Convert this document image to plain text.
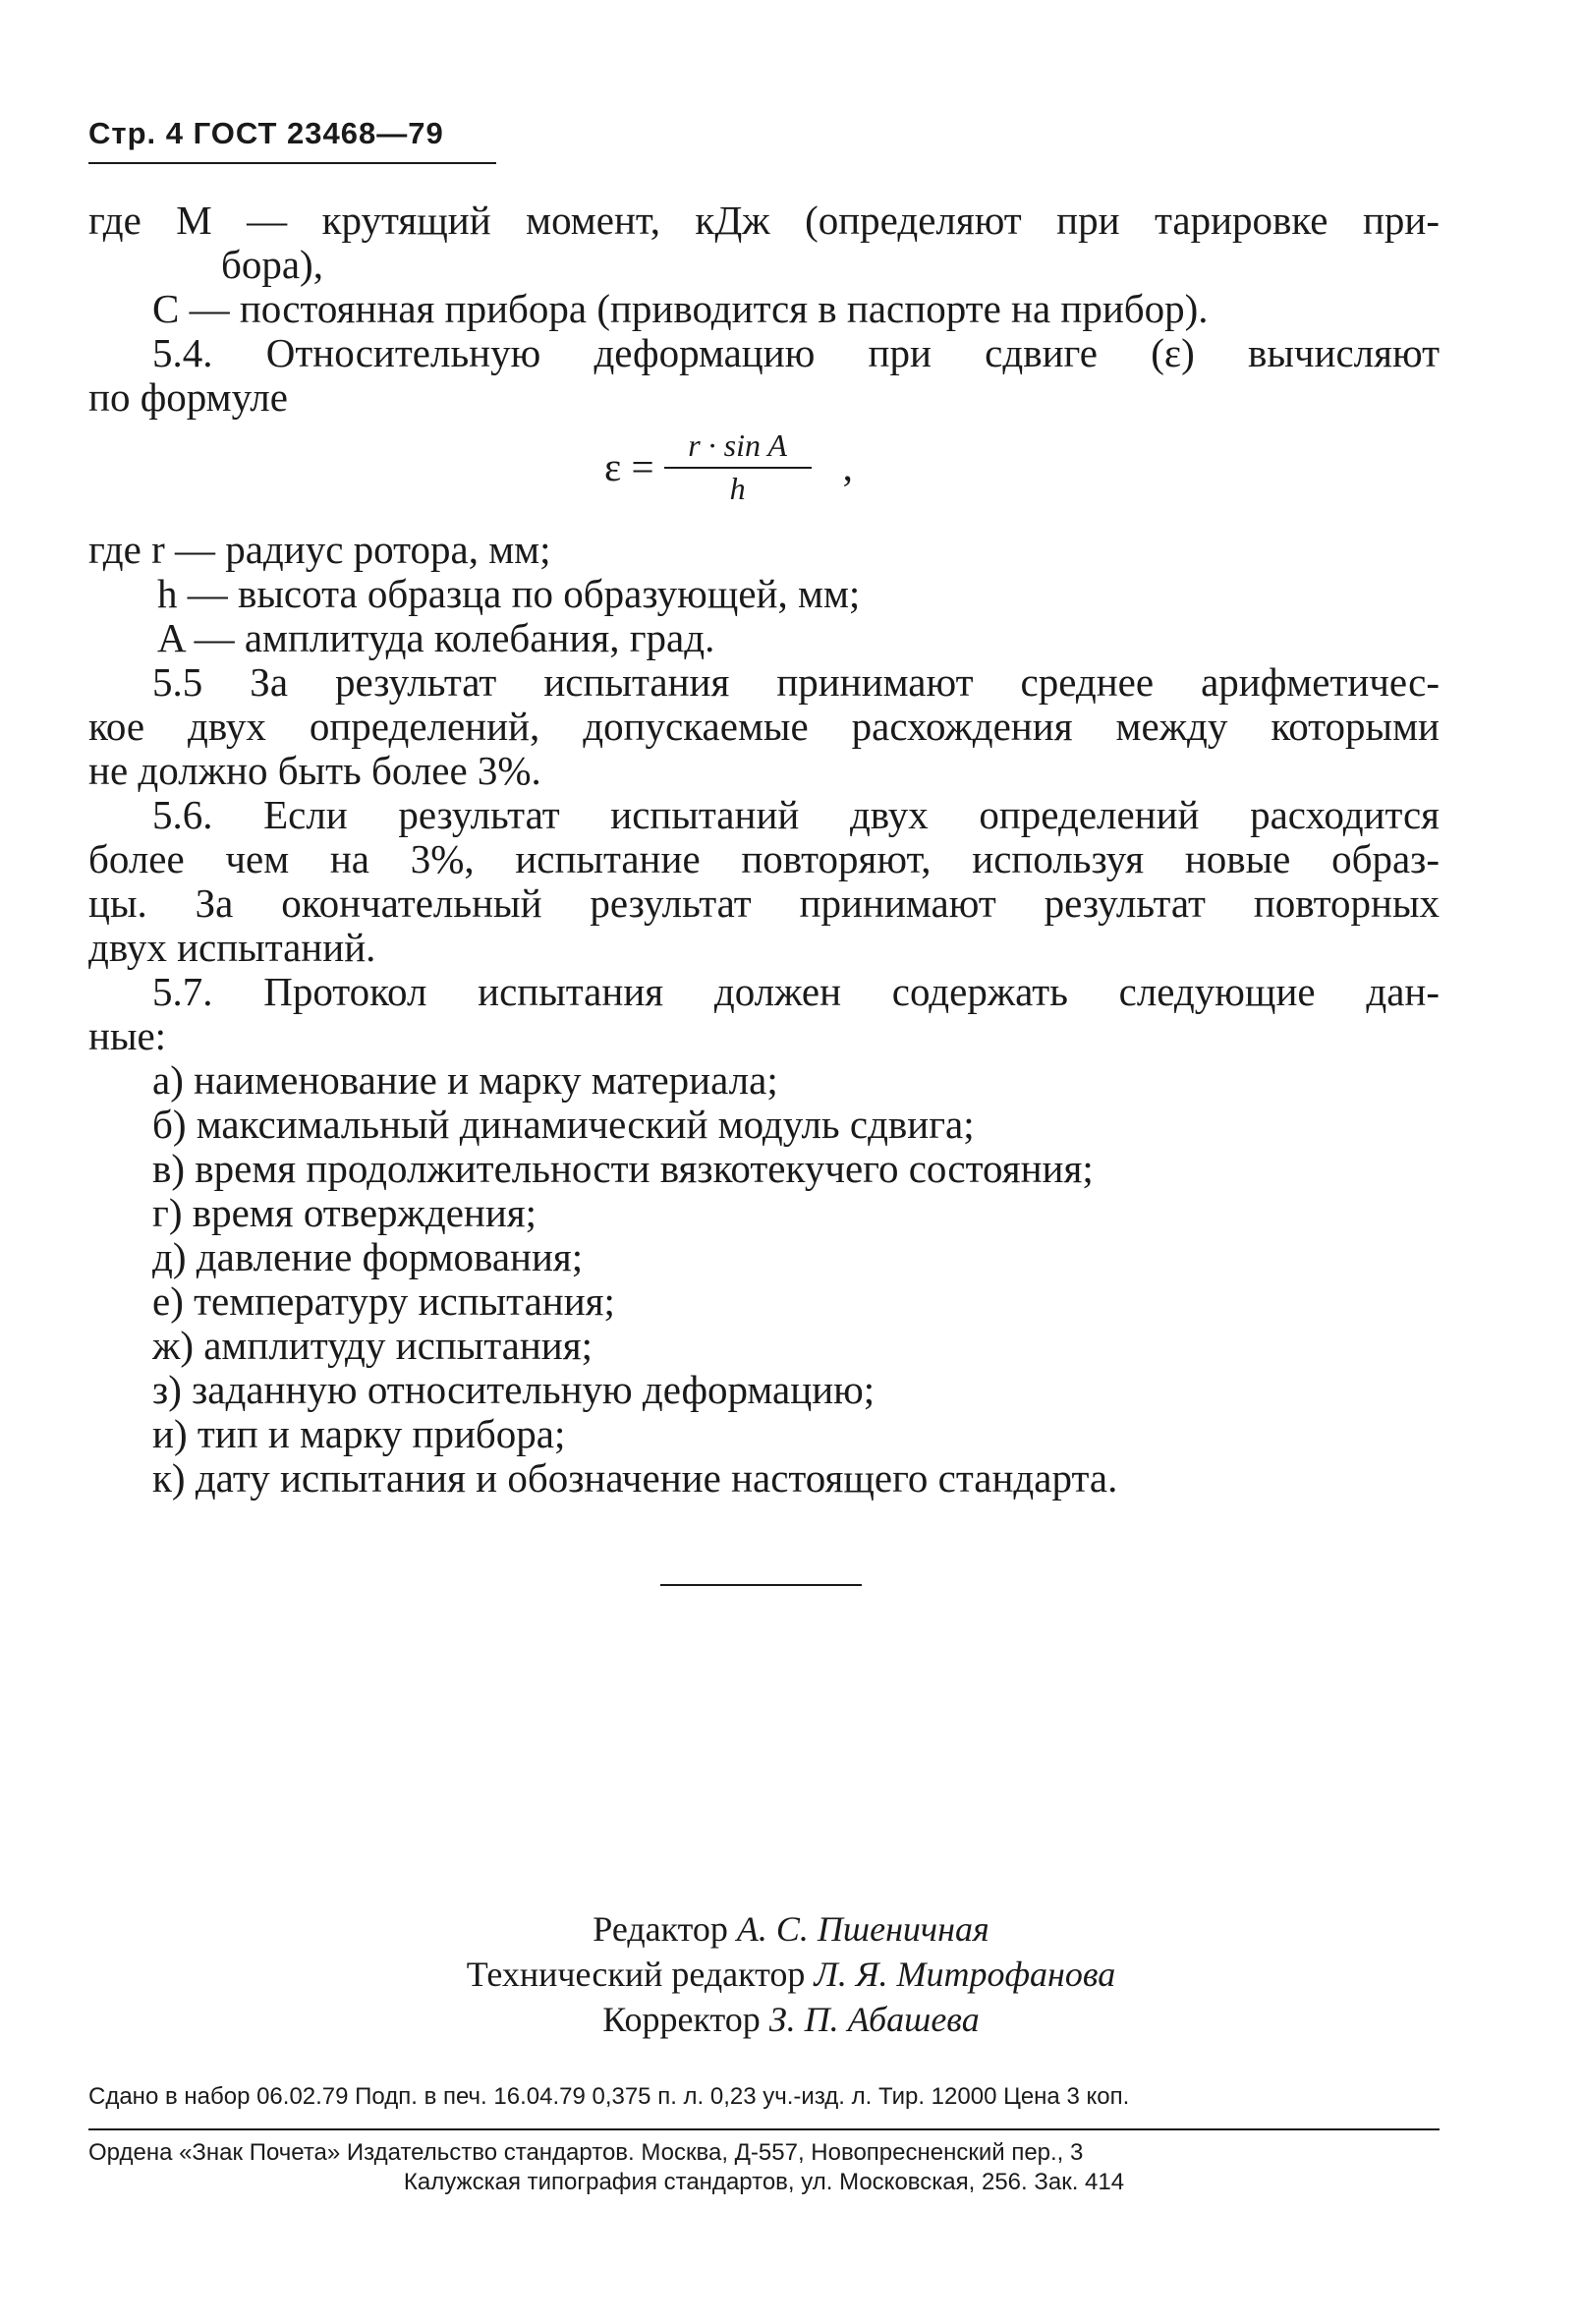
Стр. 4 ГОСТ 23468—79
где М — крутящий момент, кДж (определяют при тарировке при-
бора),
С — постоянная прибора (приводится в паспорте на прибор).
5.4. Относительную деформацию при сдвиге (ε) вычисляют
по формуле
$\varepsilon = \frac{\text{r · sin A}}{h}$ ,
где r — радиус ротора, мм;
h — высота образца по образующей, мм;
A — амплитуда колебания, град.
5.5 За результат испытания принимают среднее арифметичес-
кое двух определений, допускаемые расхождения между которыми
не должно быть более 3%.
5.6. Если результат испытаний двух определений расходится
более чем на 3%, испытание повторяют, используя новые образ-
цы. За окончательный результат принимают результат повторных
двух испытаний.
5.7. Протокол испытания должен содержать следующие дан-
ные:
а) наименование и марку материала;
б) максимальный динамический модуль сдвига;
в) время продолжительности вязкотекучего состояния;
г) время отверждения;
д) давление формования;
е) температуру испытания;
ж) амплитуду испытания;
з) заданную относительную деформацию;
и) тип и марку прибора;
к) дату испытания и обозначение настоящего стандарта.
Редактор А. С. Пшеничная
Технический редактор Л. Я. Митрофанова
Корректор З. П. Абашева
Сдано в набор 06.02.79 Подп. в печ. 16.04.79 0,375 п. л. 0,23 уч.-изд. л. Тир. 12000 Цена 3 коп.
Ордена «Знак Почета» Издательство стандартов. Москва, Д-557, Новопресненский пер., 3
Калужская типография стандартов, ул. Московская, 256. Зак. 414
